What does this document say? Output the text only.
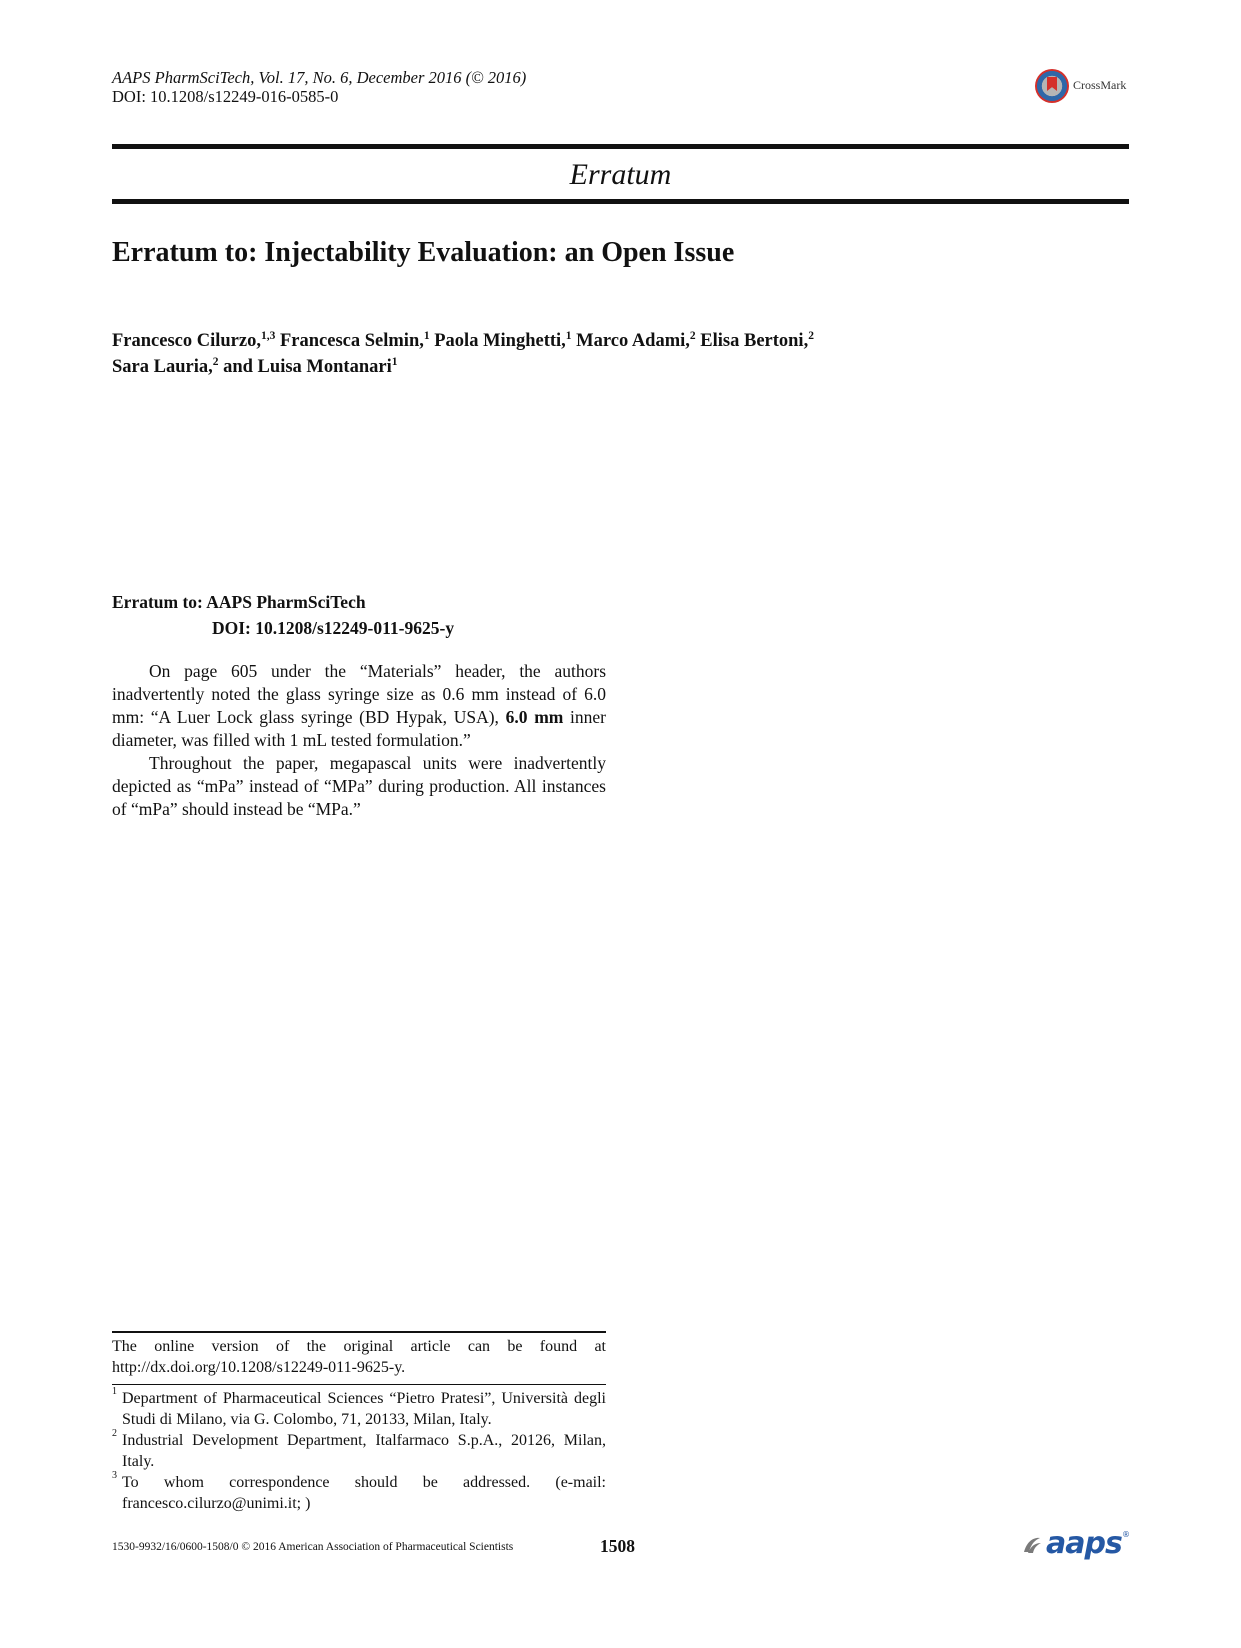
AAPS PharmSciTech, Vol. 17, No. 6, December 2016 (© 2016)
DOI: 10.1208/s12249-016-0585-0
CrossMark
Erratum
Erratum to: Injectability Evaluation: an Open Issue
Francesco Cilurzo,$^{1,3}$ Francesca Selmin,$^1$ Paola Minghetti,$^1$ Marco Adami,$^2$ Elisa Bertoni,$^2$
Sara Lauria,$^2$ and Luisa Montanari$^1$
Erratum to: AAPS PharmSciTech
DOI: 10.1208/s12249-011-9625-y

On page 605 under the “Materials” header, the authors inadvertently noted the glass syringe size as 0.6 mm instead of 6.0 mm: “A Luer Lock glass syringe (BD Hypak, USA), 6.0 mm inner diameter, was filled with 1 mL tested formulation.”

Throughout the paper, megapascal units were inadvertently depicted as “mPa” instead of “MPa” during production. All instances of “mPa” should instead be “MPa.”

The online version of the original article can be found at http://dx.doi.org/10.1208/s12249-011-9625-y.
1 Department of Pharmaceutical Sciences “Pietro Pratesi”, Università degli Studi di Milano, via G. Colombo, 71, 20133, Milan, Italy.
2 Industrial Development Department, Italfarmaco S.p.A., 20126, Milan, Italy.
3 To whom correspondence should be addressed. (e-mail: francesco.cilurzo@unimi.it; )
1530-9932/16/0600-1508/0 © 2016 American Association of Pharmaceutical Scientists	1508	aaps ®
